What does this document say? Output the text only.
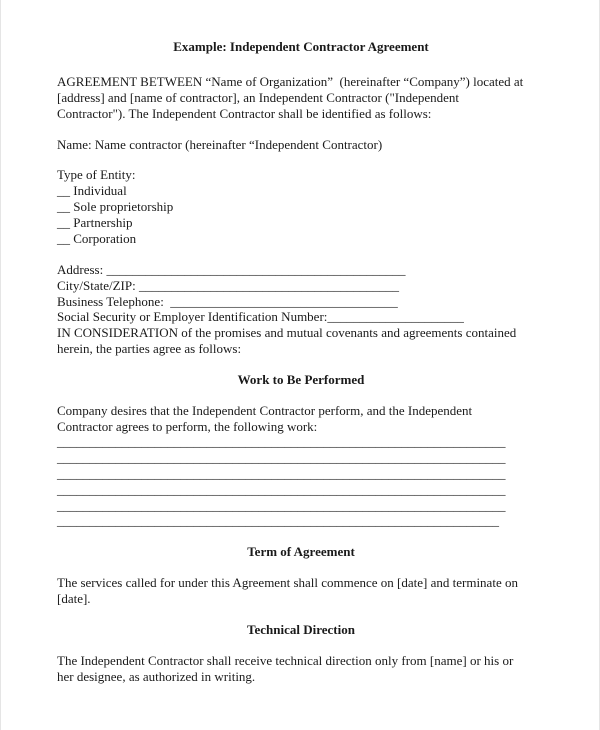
Example: Independent Contractor Agreement
AGREEMENT BETWEEN “Name of Organization”  (hereinafter “Company”) located at
[address] and [name of contractor], an Independent Contractor ("Independent
Contractor"). The Independent Contractor shall be identified as follows:
Name: Name contractor (hereinafter “Independent Contractor)
Type of Entity:
__ Individual
__ Sole proprietorship
__ Partnership
__ Corporation
Address: ______________________________________________
City/State/ZIP: ________________________________________
Business Telephone:  ___________________________________
Social Security or Employer Identification Number:_____________________
IN CONSIDERATION of the promises and mutual covenants and agreements contained
herein, the parties agree as follows:
Work to Be Performed
Company desires that the Independent Contractor perform, and the Independent
Contractor agrees to perform, the following work:
_____________________________________________________________________
_____________________________________________________________________
_____________________________________________________________________
_____________________________________________________________________
_____________________________________________________________________
____________________________________________________________________
Term of Agreement
The services called for under this Agreement shall commence on [date] and terminate on
[date].
Technical Direction
The Independent Contractor shall receive technical direction only from [name] or his or
her designee, as authorized in writing.
